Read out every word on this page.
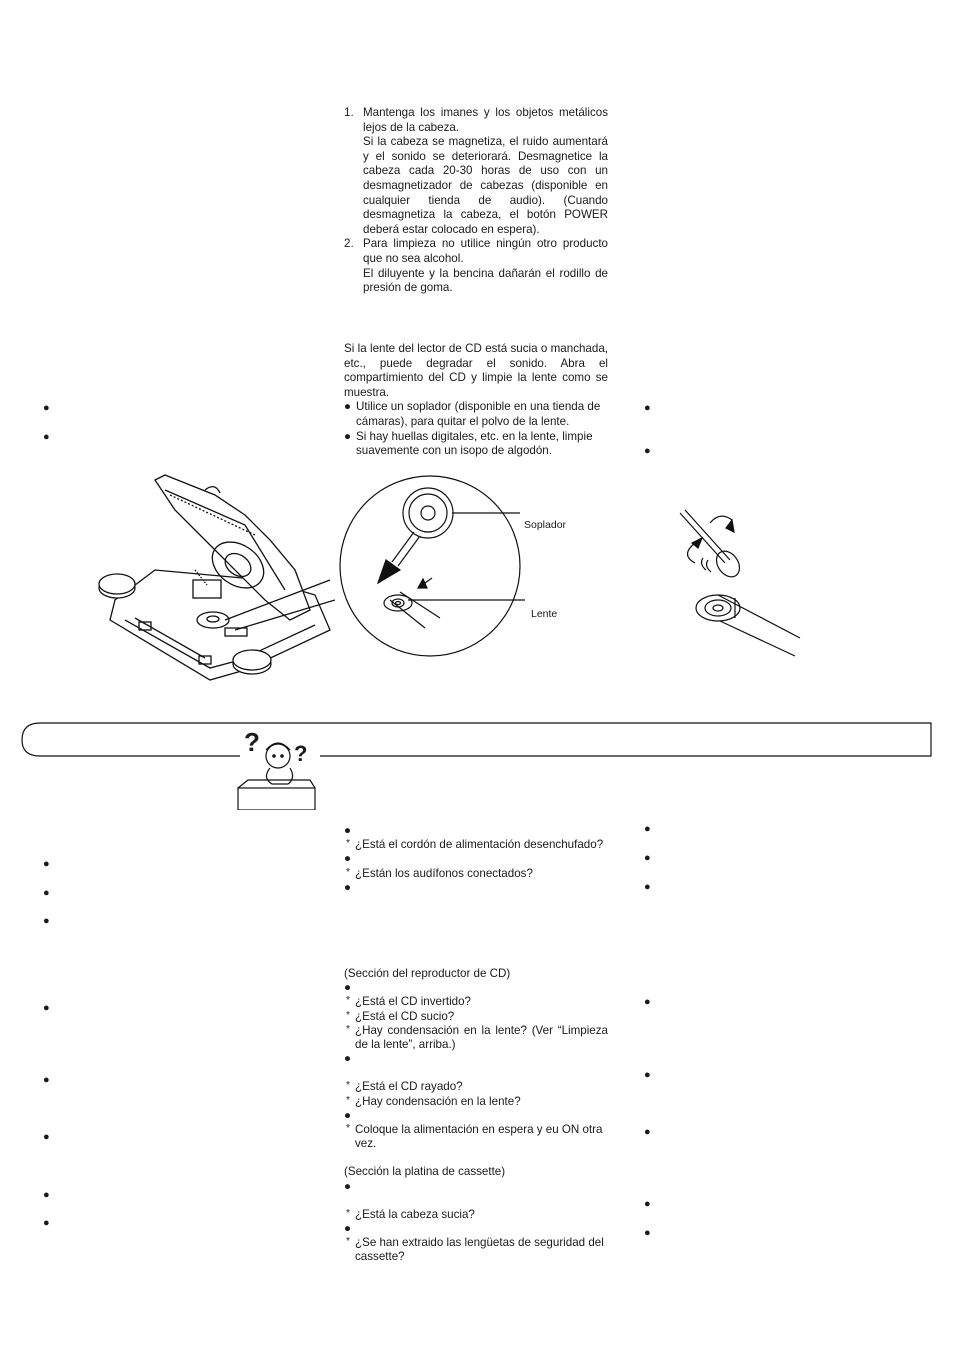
1. Mantenga los imanes y los objetos metálicos lejos de la cabeza.
Si la cabeza se magnetiza, el ruido aumentará y el sonido se deteriorará. Desmagnetice la cabeza cada 20-30 horas de uso con un desmagnetizador de cabezas (disponible en cualquier tienda de audio). (Cuando desmagnetiza la cabeza, el botón POWER deberá estar colocado en espera).

2. Para limpieza no utilice ningún otro producto que no sea alcohol.
El diluyente y la bencina dañarán el rodillo de presión de goma.

Si la lente del lector de CD está sucia o manchada, etc., puede degradar el sonido. Abra el compartimiento del CD y limpie la lente como se muestra.

● Utilice un soplador (disponible en una tienda de cámaras), para quitar el polvo de la lente.

● Si hay huellas digitales, etc. en la lente, limpie suavemente con un isopo de algodón.

●
●
●
●
Soplador
Lente
? ?

●

* ¿Está el cordón de alimentación desenchufado?

●

* ¿Están los audífonos conectados?

●

(Sección del reproductor de CD)

●

* ¿Está el CD invertido?

* ¿Está el CD sucio?

* ¿Hay condensación en la lente? (Ver “Limpieza de la lente”, arriba.)

●

* ¿Está el CD rayado?

* ¿Hay condensación en la lente?

●

* Coloque la alimentación en espera y eu ON otra vez.

(Sección la platina de cassette)

●

* ¿Está la cabeza sucia?

●

* ¿Se han extraido las lengüetas de seguridad del cassette?

●
●
●
●
●
●
●
●
●
●
●
●
●
●
●
●
